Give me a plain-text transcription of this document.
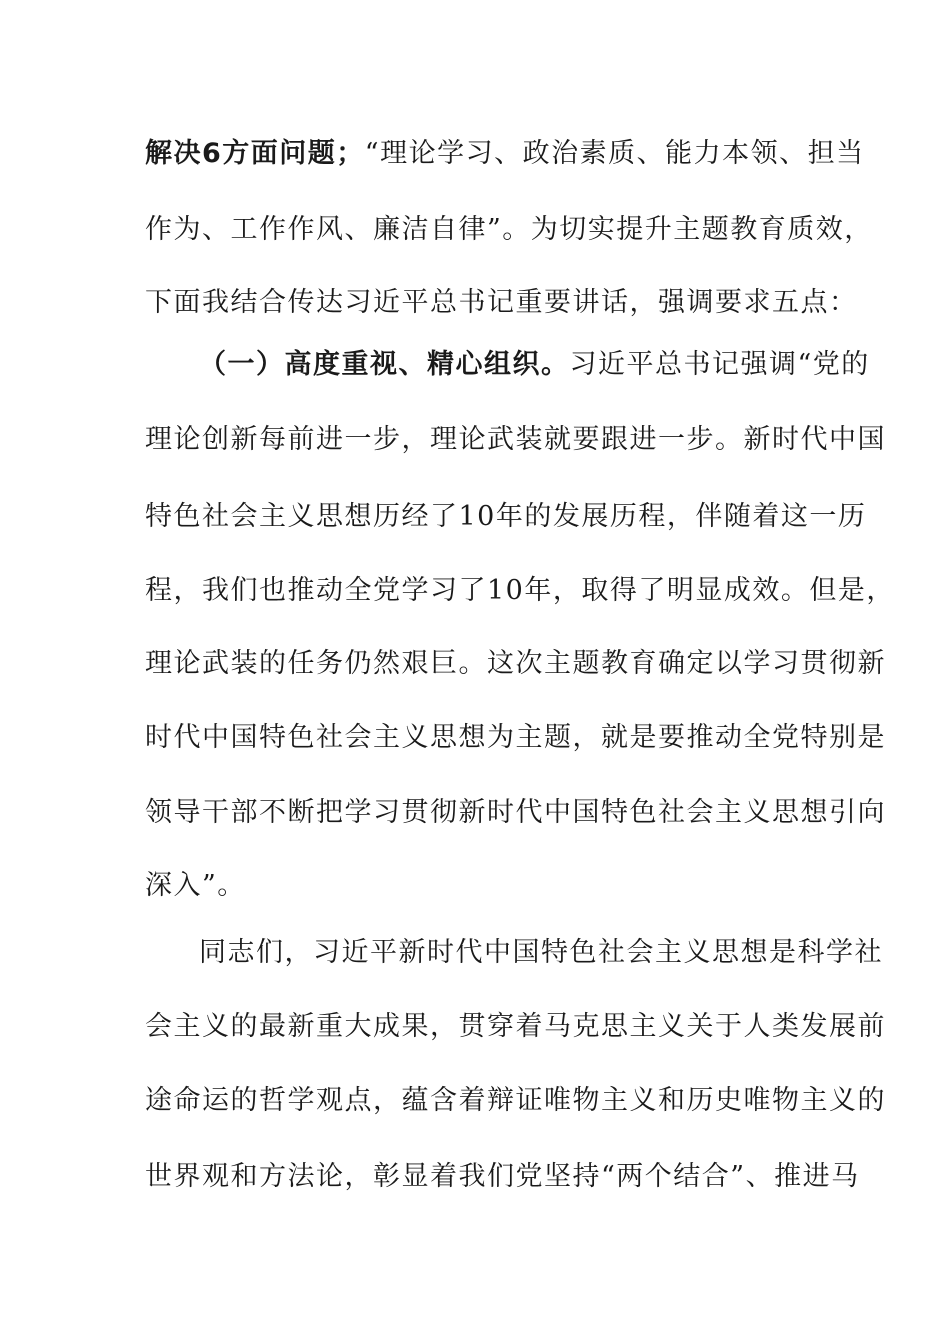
解决6方面问题；“理论学习、政治素质、能力本领、担当
作为、工作作风、廉洁自律”。为切实提升主题教育质效，
下面我结合传达习近平总书记重要讲话，强调要求五点：
（一）高度重视、精心组织。习近平总书记强调“党的
理论创新每前进一步，理论武装就要跟进一步。新时代中国
特色社会主义思想历经了10年的发展历程，伴随着这一历
程，我们也推动全党学习了10年，取得了明显成效。但是，
理论武装的任务仍然艰巨。这次主题教育确定以学习贯彻新
时代中国特色社会主义思想为主题，就是要推动全党特别是
领导干部不断把学习贯彻新时代中国特色社会主义思想引向
深入”。
同志们，习近平新时代中国特色社会主义思想是科学社
会主义的最新重大成果，贯穿着马克思主义关于人类发展前
途命运的哲学观点，蕴含着辩证唯物主义和历史唯物主义的
世界观和方法论，彰显着我们党坚持“两个结合”、推进马
